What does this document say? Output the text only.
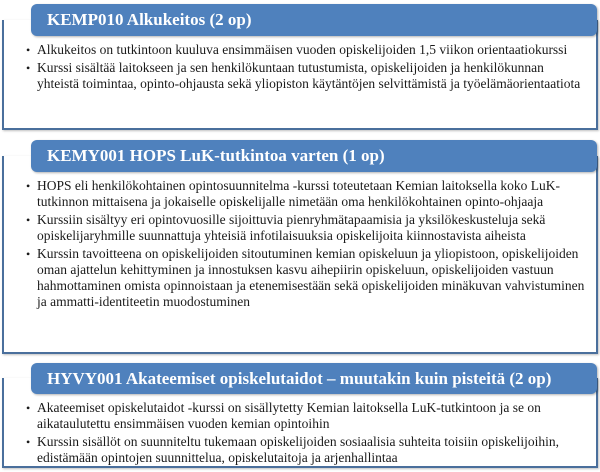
KEMP010 Alkukeitos (2 op)
• Alkukeitos on tutkintoon kuuluva ensimmäisen vuoden opiskelijoiden 1,5 viikon orientaatiokurssi
• Kurssi sisältää laitokseen ja sen henkilökuntaan tutustumista, opiskelijoiden ja henkilökunnan yhteistä toimintaa, opinto-ohjausta sekä yliopiston käytäntöjen selvittämistä ja työelämäorientaatiota
KEMY001 HOPS LuK-tutkintoa varten (1 op)
• HOPS eli henkilökohtainen opintosuunnitelma -kurssi toteutetaan Kemian laitoksella koko LuK-tutkinnon mittaisena ja jokaiselle opiskelijalle nimetään oma henkilökohtainen opinto-ohjaaja
• Kurssiin sisältyy eri opintovuosille sijoittuvia pienryhmätapaamisia ja yksilökeskusteluja sekä opiskelijaryhmille suunnattuja yhteisiä infotilaisuuksia opiskelijoita kiinnostavista aiheista
• Kurssin tavoitteena on opiskelijoiden sitoutuminen kemian opiskeluun ja yliopistoon, opiskelijoiden oman ajattelun kehittyminen ja innostuksen kasvu aihepiirin opiskeluun, opiskelijoiden vastuun hahmottaminen omista opinnoistaan ja etenemisestään sekä opiskelijoiden minäkuvan vahvistuminen ja ammatti-identiteetin muodostuminen
HYVY001 Akateemiset opiskelutaidot – muutakin kuin pisteitä (2 op)
• Akateemiset opiskelutaidot -kurssi on sisällytetty Kemian laitoksella LuK-tutkintoon ja se on aikataulutettu ensimmäisen vuoden kemian opintoihin
• Kurssin sisällöt on suunniteltu tukemaan opiskelijoiden sosiaalisia suhteita toisiin opiskelijoihin, edistämään opintojen suunnittelua, opiskelutaitoja ja arjenhallintaa
